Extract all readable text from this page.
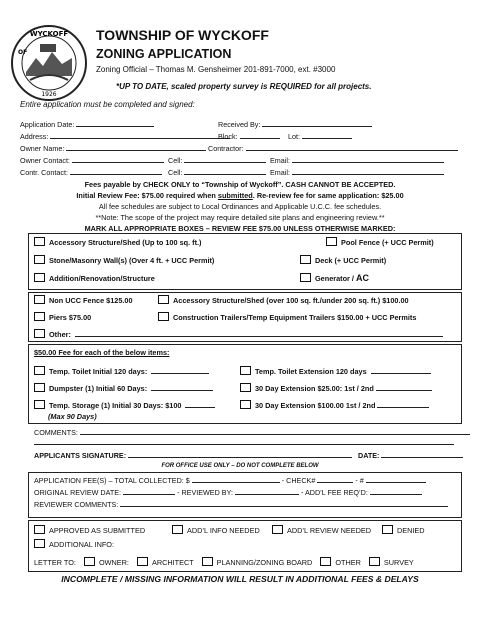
WYCKOFF
OF
1926
TOWNSHIP OF WYCKOFF
ZONING APPLICATION
Zoning Official – Thomas M. Gensheimer 201-891-7000, ext. #3000
*UP TO DATE, scaled property survey is REQUIRED for all projects.
Entire application must be completed and signed:
Application Date:	Received By:
Address:	Block:	Lot:
Owner Name:	Contractor:
Owner Contact:	Cell:	Email:
Contr. Contact:	Cell:	Email:
Fees payable by CHECK ONLY to “Township of Wyckoff”. CASH CANNOT BE ACCEPTED.
Initial Review Fee: $75.00 required when submitted. Re-review fee for same application: $25.00
All fee schedules are subject to Local Ordinances and Applicable U.C.C. fee schedules.
**Note: The scope of the project may require detailed site plans and engineering review.**
MARK ALL APPROPRIATE BOXES – REVIEW FEE $75.00 UNLESS OTHERWISE MARKED:
Accessory Structure/Shed (Up to 100 sq. ft.)	Pool Fence (+ UCC Permit)
Stone/Masonry Wall(s) (Over 4 ft. + UCC Permit)	Deck (+ UCC Permit)
Addition/Renovation/Structure	Generator / AC
Non UCC Fence $125.00	Accessory Structure/Shed (over 100 sq. ft./under 200 sq. ft.) $100.00
Piers $75.00	Construction Trailers/Temp Equipment Trailers $150.00 + UCC Permits
Other:
$50.00 Fee for each of the below items:
Temp. Toilet Initial 120 days:	Temp. Toilet Extension 120 days
Dumpster (1) Initial 60 Days:	30 Day Extension $25.00: 1st / 2nd
Temp. Storage (1) Initial 30 Days: $100	30 Day Extension $100.00 1st / 2nd
(Max 90 Days)
COMMENTS:
APPLICANTS SIGNATURE:	DATE:
FOR OFFICE USE ONLY – DO NOT COMPLETE BELOW
APPLICATION FEE(S) – TOTAL COLLECTED: $	- CHECK#	- #
ORIGINAL REVIEW DATE:	- REVIEWED BY:	- ADD’L FEE REQ’D:
REVIEWER COMMENTS:
APPROVED AS SUBMITTED	ADD’L INFO NEEDED	ADD’L REVIEW NEEDED	DENIED
ADDITIONAL INFO:
LETTER TO:	OWNER:	ARCHITECT	PLANNING/ZONING BOARD	OTHER	SURVEY
INCOMPLETE / MISSING INFORMATION WILL RESULT IN ADDITIONAL FEES & DELAYS
